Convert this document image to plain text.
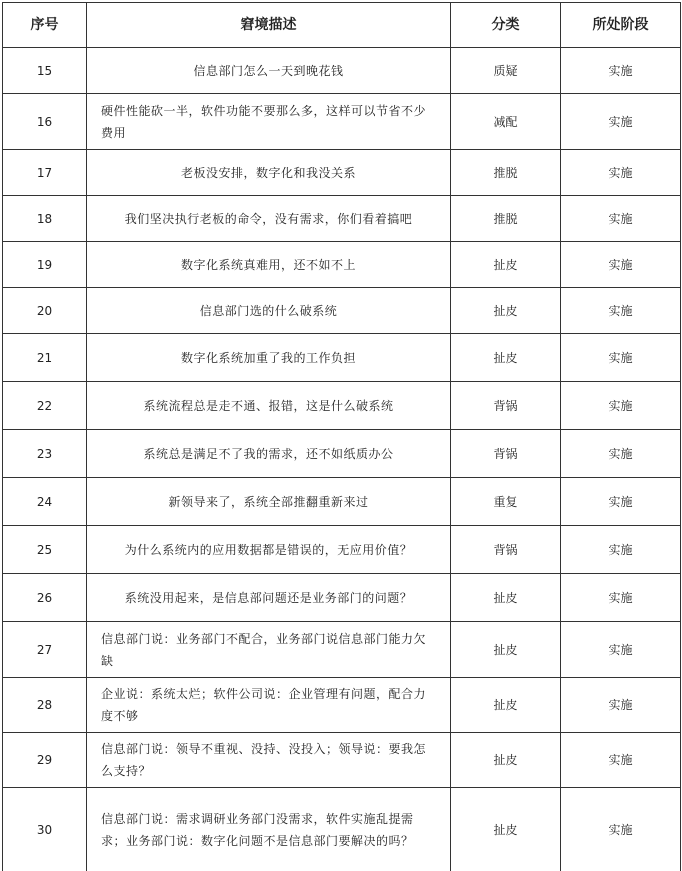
序号	窘境描述	分类	所处阶段
15	信息部门怎么一天到晚花钱	质疑	实施
16	硬件性能砍一半，软件功能不要那么多，这样可以节省不少费用	减配	实施
17	老板没安排，数字化和我没关系	推脱	实施
18	我们坚决执行老板的命令，没有需求，你们看着搞吧	推脱	实施
19	数字化系统真难用，还不如不上	扯皮	实施
20	信息部门选的什么破系统	扯皮	实施
21	数字化系统加重了我的工作负担	扯皮	实施
22	系统流程总是走不通、报错，这是什么破系统	背锅	实施
23	系统总是满足不了我的需求，还不如纸质办公	背锅	实施
24	新领导来了，系统全部推翻重新来过	重复	实施
25	为什么系统内的应用数据都是错误的，无应用价值？	背锅	实施
26	系统没用起来，是信息部问题还是业务部门的问题？	扯皮	实施
27	信息部门说：业务部门不配合，业务部门说信息部门能力欠缺	扯皮	实施
28	企业说：系统太烂；软件公司说：企业管理有问题，配合力度不够	扯皮	实施
29	信息部门说：领导不重视、没持、没投入；领导说：要我怎么支持？	扯皮	实施
30	信息部门说：需求调研业务部门没需求，软件实施乱提需求；业务部门说：数字化问题不是信息部门要解决的吗？	扯皮	实施
